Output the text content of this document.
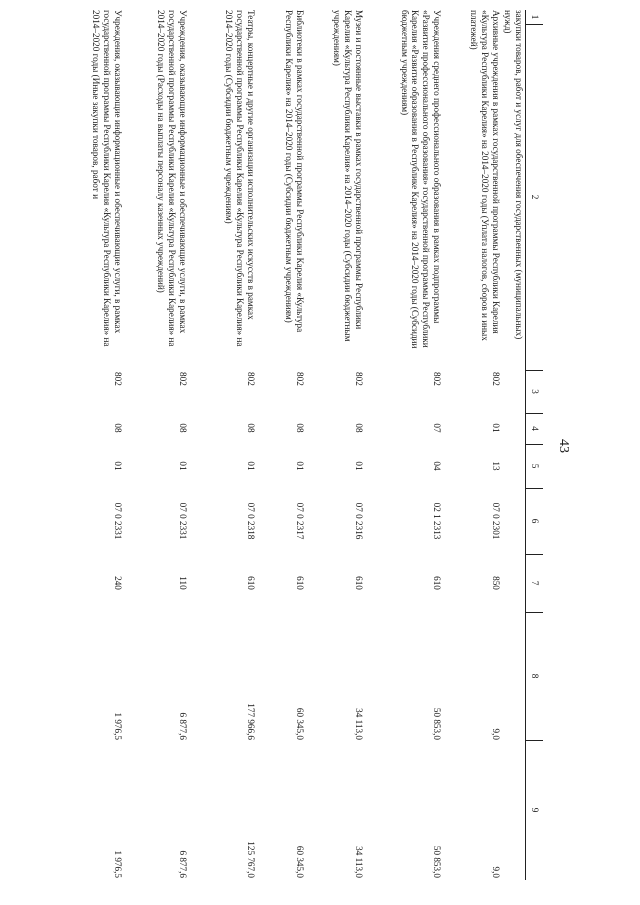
43
1
2
3
4
5
6
7
8
9
закупки товаров, работ и услуг для обеспечения государственных (муниципальных) нужд)
Архивные учреждения в рамках государственной программы Республики Карелия «Культура Республики Карелия» на 2014–2020 годы (Уплата налогов, сборов и иных платежей)
802
01
13
07 0 2301
850
9,0
9,0
Учреждения среднего профессионального образования в рамках подпрограммы «Развитие профессионального образования» государственной программы Республики Карелия «Развитие образования в Республике Карелия» на 2014–2020 годы (Субсидии бюджетным учреждениям)
802
07
04
02 1 2313
610
50 853,0
50 853,0
Музеи и постоянные выставки в рамках государственной программы Республики Карелия «Культура Республики Карелия» на 2014–2020 годы (Субсидии бюджетным учреждениям)
802
08
01
07 0 2316
610
34 113,0
34 113,0
Библиотеки в рамках государственной программы Республики Карелия «Культура Республики Карелия» на 2014–2020 годы (Субсидии бюджетным учреждениям)
802
08
01
07 0 2317
610
60 345,0
60 345,0
Театры, концертные и другие организации исполнительских искусств в рамках государственной программы Республики Карелия «Культура Республики Карелия» на 2014–2020 годы (Субсидии бюджетным учреждениям)
802
08
01
07 0 2318
610
177 966,6
125 767,0
Учреждения, оказывающие информационные и обеспечивающие услуги, в рамках государственной программы Республики Карелия «Культура Республики Карелия» на 2014–2020 годы (Расходы на выплаты персоналу казенных учреждений)
802
08
01
07 0 2331
110
6 877,6
6 877,6
Учреждения, оказывающие информационные и обеспечивающие услуги, в рамках государственной программы Республики Карелия «Культура Республики Карелия» на 2014–2020 годы (Иные закупки товаров, работ и
802
08
01
07 0 2331
240
1 976,5
1 976,5
